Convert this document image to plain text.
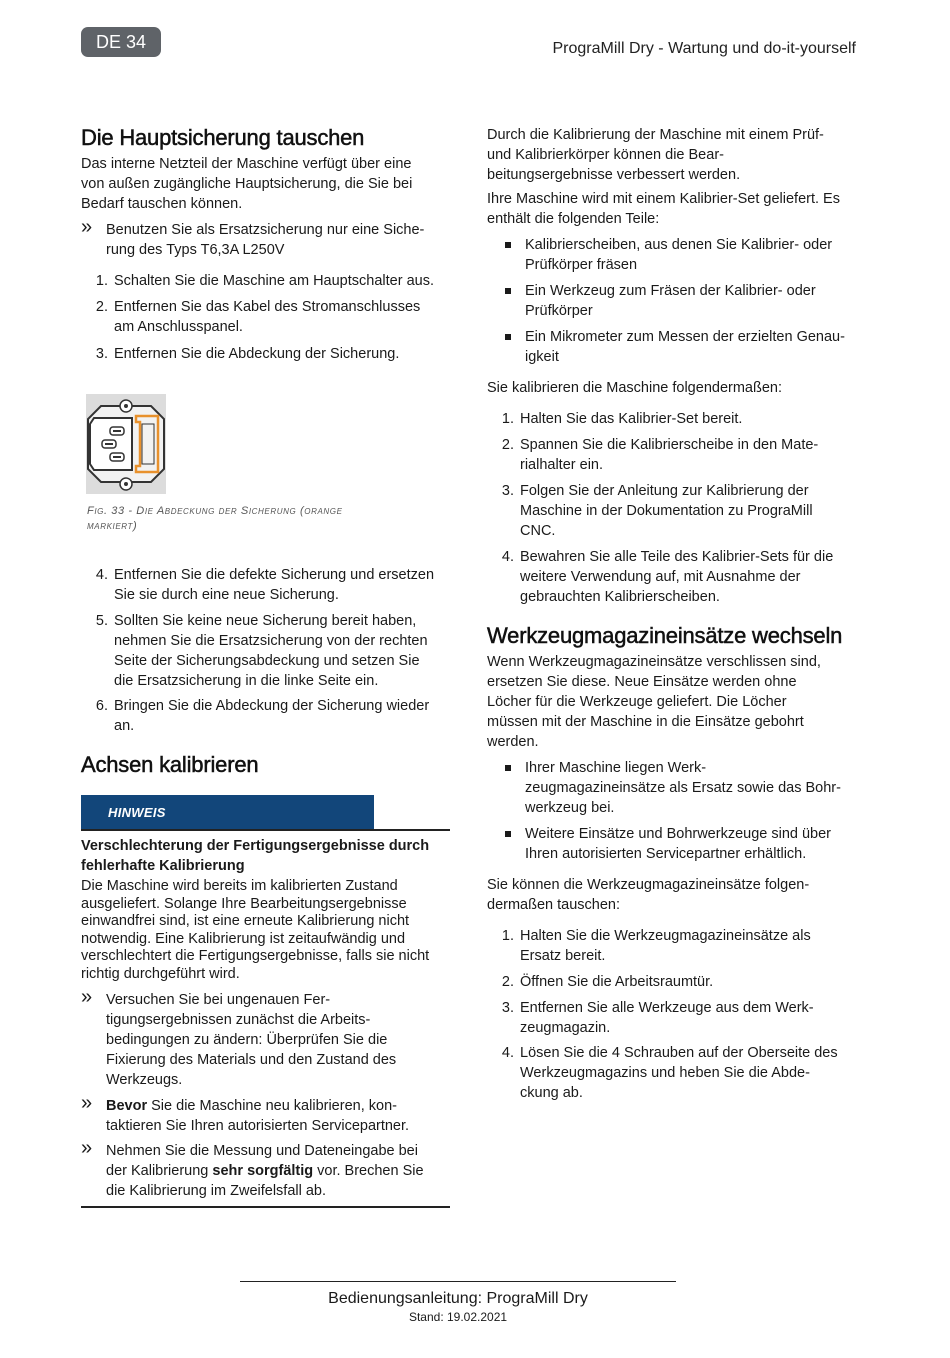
DE 34	PrograMill Dry - Wartung und do-it-yourself
Die Hauptsicherung tauschen
Das interne Netzteil der Maschine verfügt über eine
von außen zugängliche Hauptsicherung, die Sie bei
Bedarf tauschen können.
» Benutzen Sie als Ersatzsicherung nur eine Siche-
rung des Typs T6,3A L250V
1. Schalten Sie die Maschine am Hauptschalter aus.
2. Entfernen Sie das Kabel des Stromanschlusses
am Anschlusspanel.
3. Entfernen Sie die Abdeckung der Sicherung.
Fig. 33 - Die Abdeckung der Sicherung (orange
markiert)
4. Entfernen Sie die defekte Sicherung und ersetzen
Sie sie durch eine neue Sicherung.
5. Sollten Sie keine neue Sicherung bereit haben,
nehmen Sie die Ersatzsicherung von der rechten
Seite der Sicherungsabdeckung und setzen Sie
die Ersatzsicherung in die linke Seite ein.
6. Bringen Sie die Abdeckung der Sicherung wieder
an.
Achsen kalibrieren
HINWEIS
Verschlechterung der Fertigungsergebnisse durch
fehlerhafte Kalibrierung
Die Maschine wird bereits im kalibrierten Zustand
ausgeliefert. Solange Ihre Bearbeitungsergebnisse
einwandfrei sind, ist eine erneute Kalibrierung nicht
notwendig. Eine Kalibrierung ist zeitaufwändig und
verschlechtert die Fertigungsergebnisse, falls sie nicht
richtig durchgeführt wird.
» Versuchen Sie bei ungenauen Fer-
tigungsergebnissen zunächst die Arbeits-
bedingungen zu ändern: Überprüfen Sie die
Fixierung des Materials und den Zustand des
Werkzeugs.
» Bevor Sie die Maschine neu kalibrieren, kon-
taktieren Sie Ihren autorisierten Servicepartner.
» Nehmen Sie die Messung und Dateneingabe bei
der Kalibrierung sehr sorgfältig vor. Brechen Sie
die Kalibrierung im Zweifelsfall ab.
Durch die Kalibrierung der Maschine mit einem Prüf-
und Kalibrierkörper können die Bear-
beitungsergebnisse verbessert werden.
Ihre Maschine wird mit einem Kalibrier-Set geliefert. Es
enthält die folgenden Teile:
Kalibrierscheiben, aus denen Sie Kalibrier- oder
Prüfkörper fräsen
Ein Werkzeug zum Fräsen der Kalibrier- oder
Prüfkörper
Ein Mikrometer zum Messen der erzielten Genau-
igkeit
Sie kalibrieren die Maschine folgendermaßen:
1. Halten Sie das Kalibrier-Set bereit.
2. Spannen Sie die Kalibrierscheibe in den Mate-
rialhalter ein.
3. Folgen Sie der Anleitung zur Kalibrierung der
Maschine in der Dokumentation zu PrograMill
CNC.
4. Bewahren Sie alle Teile des Kalibrier-Sets für die
weitere Verwendung auf, mit Ausnahme der
gebrauchten Kalibrierscheiben.
Werkzeugmagazineinsätze wechseln
Wenn Werkzeugmagazineinsätze verschlissen sind,
ersetzen Sie diese. Neue Einsätze werden ohne
Löcher für die Werkzeuge geliefert. Die Löcher
müssen mit der Maschine in die Einsätze gebohrt
werden.
Ihrer Maschine liegen Werk-
zeugmagazineinsätze als Ersatz sowie das Bohr-
werkzeug bei.
Weitere Einsätze und Bohrwerkzeuge sind über
Ihren autorisierten Servicepartner erhältlich.
Sie können die Werkzeugmagazineinsätze folgen-
dermaßen tauschen:
1. Halten Sie die Werkzeugmagazineinsätze als
Ersatz bereit.
2. Öffnen Sie die Arbeitsraumtür.
3. Entfernen Sie alle Werkzeuge aus dem Werk-
zeugmagazin.
4. Lösen Sie die 4 Schrauben auf der Oberseite des
Werkzeugmagazins und heben Sie die Abde-
ckung ab.
Bedienungsanleitung: PrograMill Dry
Stand: 19.02.2021
